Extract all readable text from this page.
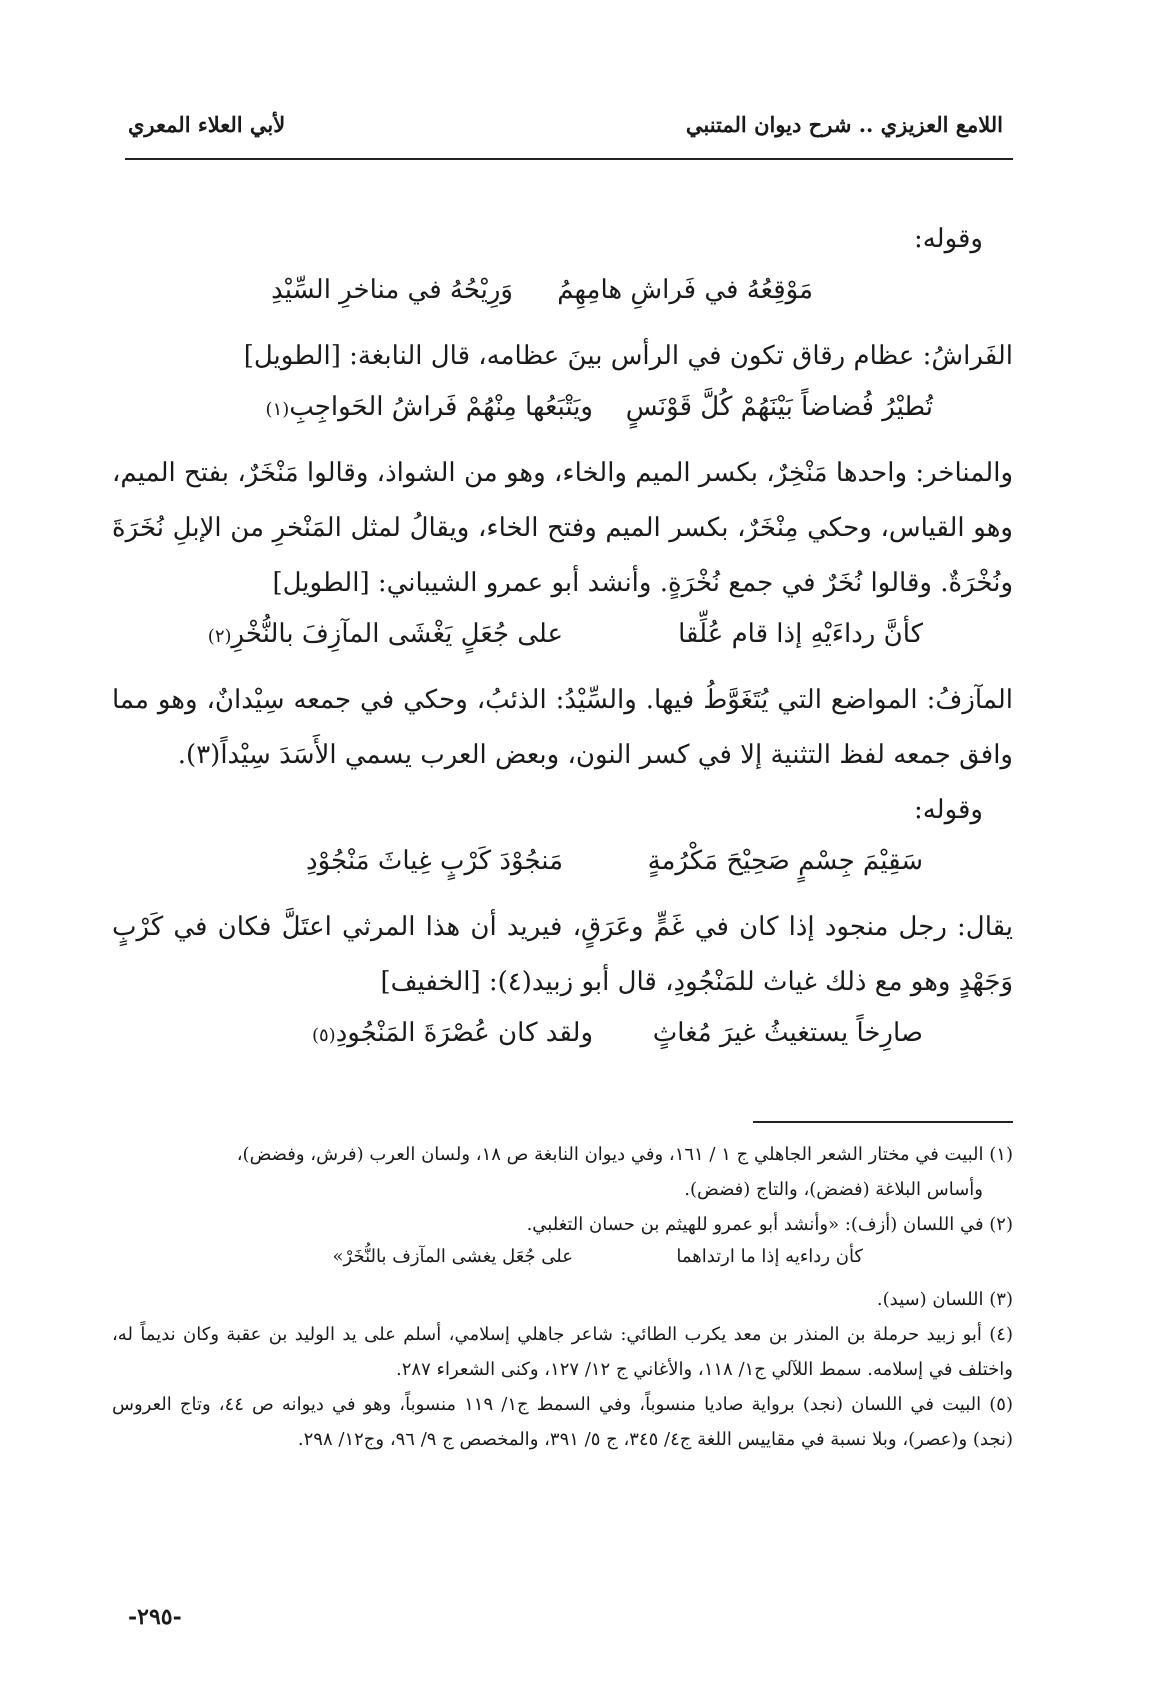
اللامع العزيزي .. شرح ديوان المتنبي
لأبي العلاء المعري

وقوله:

مَوْقِعُهُ في فَراشِ هامِهِمُ
وَرِيْحُهُ في مناخرِ السِّيْدِ

الفَراشُ: عظام رقاق تكون في الرأس بينَ عظامه، قال النابغة: [الطويل]

تُطيْرُ فُضاضاً بَيْنَهُمْ كُلَّ قَوْنَسٍ
ويَتْبَعُها مِنْهُمْ فَراشُ الحَواجِبِ(١)

والمناخر: واحدها مَنْخِرٌ، بكسر الميم والخاء، وهو من الشواذ، وقالوا مَنْخَرٌ، بفتح الميم، وهو القياس، وحكي مِنْخَرٌ، بكسر الميم وفتح الخاء، ويقالُ لمثل المَنْخرِ من الإبلِ نُخَرَةَ ونُخْرَةٌ. وقالوا نُخَرٌ في جمع نُخْرَةٍ. وأنشد أبو عمرو الشيباني: [الطويل]

كأنَّ رداءَيْهِ إذا قام عُلِّقا
على جُعَلٍ يَغْشَى المآزِفَ بالنُّخْرِ(٢)

المآزفُ: المواضع التي يُتَغَوَّطُ فيها. والسِّيْدُ: الذئبُ، وحكي في جمعه سِيْدانٌ، وهو مما وافق جمعه لفظ التثنية إلا في كسر النون، وبعض العرب يسمي الأَسَدَ سِيْداً(٣).

وقوله:

سَقِيْمَ جِسْمٍ صَحِيْحَ مَكْرُمةٍ
مَنجُوْدَ كَرْبٍ غِياثَ مَنْجُوْدِ

يقال: رجل منجود إذا كان في غَمٍّ وعَرَقٍ، فيريد أن هذا المرثي اعتَلَّ فكان في كَرْبٍ وَجَهْدٍ وهو مع ذلك غياث للمَنْجُودِ، قال أبو زبيد(٤): [الخفيف]

صارِخاً يستغيثُ غيرَ مُغاثٍ
ولقد كان عُصْرَةَ المَنْجُودِ(٥)

(١) البيت في مختار الشعر الجاهلي ج ١ / ١٦١، وفي ديوان النابغة ص ١٨، ولسان العرب (فرش، وفضض)،

وأساس البلاغة (فضض)، والتاج (فضض).

(٢) في اللسان (أزف): «وأنشد أبو عمرو للهيثم بن حسان التغلبي.

كأن رداءيه إذا ما ارتداهما
على جُعَل يغشى المآزف بالنُّخَرْ»

(٣) اللسان (سيد).

(٤) أبو زبيد حرملة بن المنذر بن معد يكرب الطائي: شاعر جاهلي إسلامي، أسلم على يد الوليد بن عقبة وكان نديماً له، واختلف في إسلامه. سمط اللآلي ج١/ ١١٨، والأغاني ج ١٢/ ١٢٧، وكنى الشعراء ٢٨٧.

(٥) البيت في اللسان (نجد) برواية صاديا منسوباً، وفي السمط ج١/ ١١٩ منسوباً، وهو في ديوانه ص ٤٤، وتاج العروس (نجد) و(عصر)، وبلا نسبة في مقاييس اللغة ج٤/ ٣٤٥، ج ٥/ ٣٩١، والمخصص ج ٩/ ٩٦، وج١٢/ ٢٩٨.

-٢٩٥-
